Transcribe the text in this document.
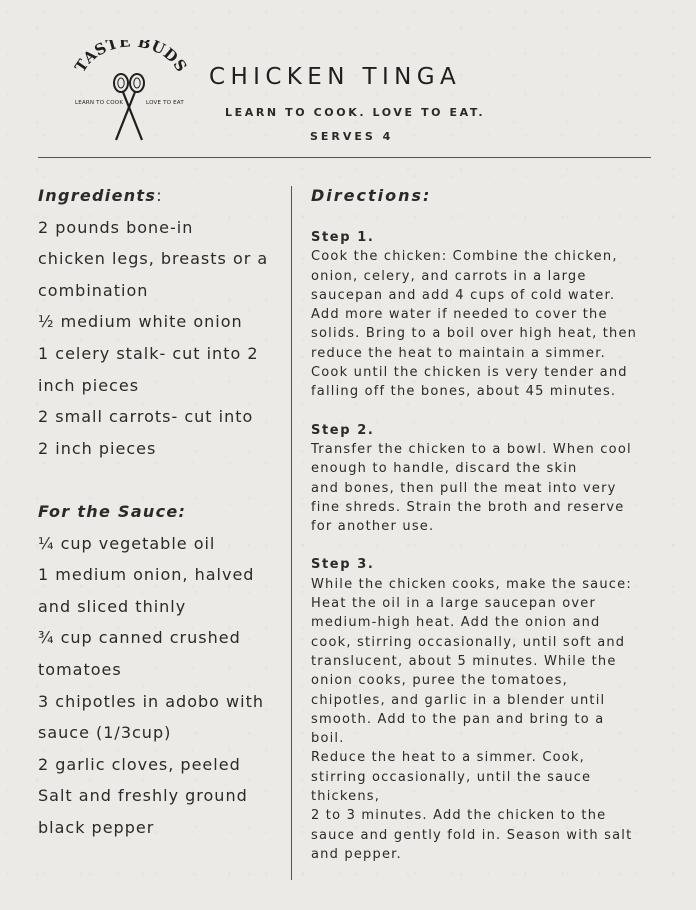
TASTE BUD
LEARN TO COOK	LOVE TO EAT
CHICKEN TINGA
LEARN TO COOK. LOVE TO EAT.
SERVES 4
Ingredients:
2 pounds bone-in
chicken legs, breasts or a
combination
½ medium white onion
1 celery stalk- cut into 2
inch pieces
2 small carrots- cut into
2 inch pieces
For the Sauce:
¼ cup vegetable oil
1 medium onion, halved
and sliced thinly
¾ cup canned crushed
tomatoes
3 chipotles in adobo with
sauce (1/3cup)
2 garlic cloves, peeled
Salt and freshly ground
black pepper
Directions:
Step 1.
Cook the chicken: Combine the chicken,
onion, celery, and carrots in a large
saucepan and add 4 cups of cold water.
Add more water if needed to cover the
solids. Bring to a boil over high heat, then
reduce the heat to maintain a simmer.
Cook until the chicken is very tender and
falling off the bones, about 45 minutes.
Step 2.
Transfer the chicken to a bowl. When cool
enough to handle, discard the skin
and bones, then pull the meat into very
fine shreds. Strain the broth and reserve
for another use.
Step 3.
While the chicken cooks, make the sauce:
Heat the oil in a large saucepan over
medium-high heat. Add the onion and
cook, stirring occasionally, until soft and
translucent, about 5 minutes. While the
onion cooks, puree the tomatoes,
chipotles, and garlic in a blender until
smooth. Add to the pan and bring to a
boil.
Reduce the heat to a simmer. Cook,
stirring occasionally, until the sauce
thickens,
2 to 3 minutes. Add the chicken to the
sauce and gently fold in. Season with salt
and pepper.
